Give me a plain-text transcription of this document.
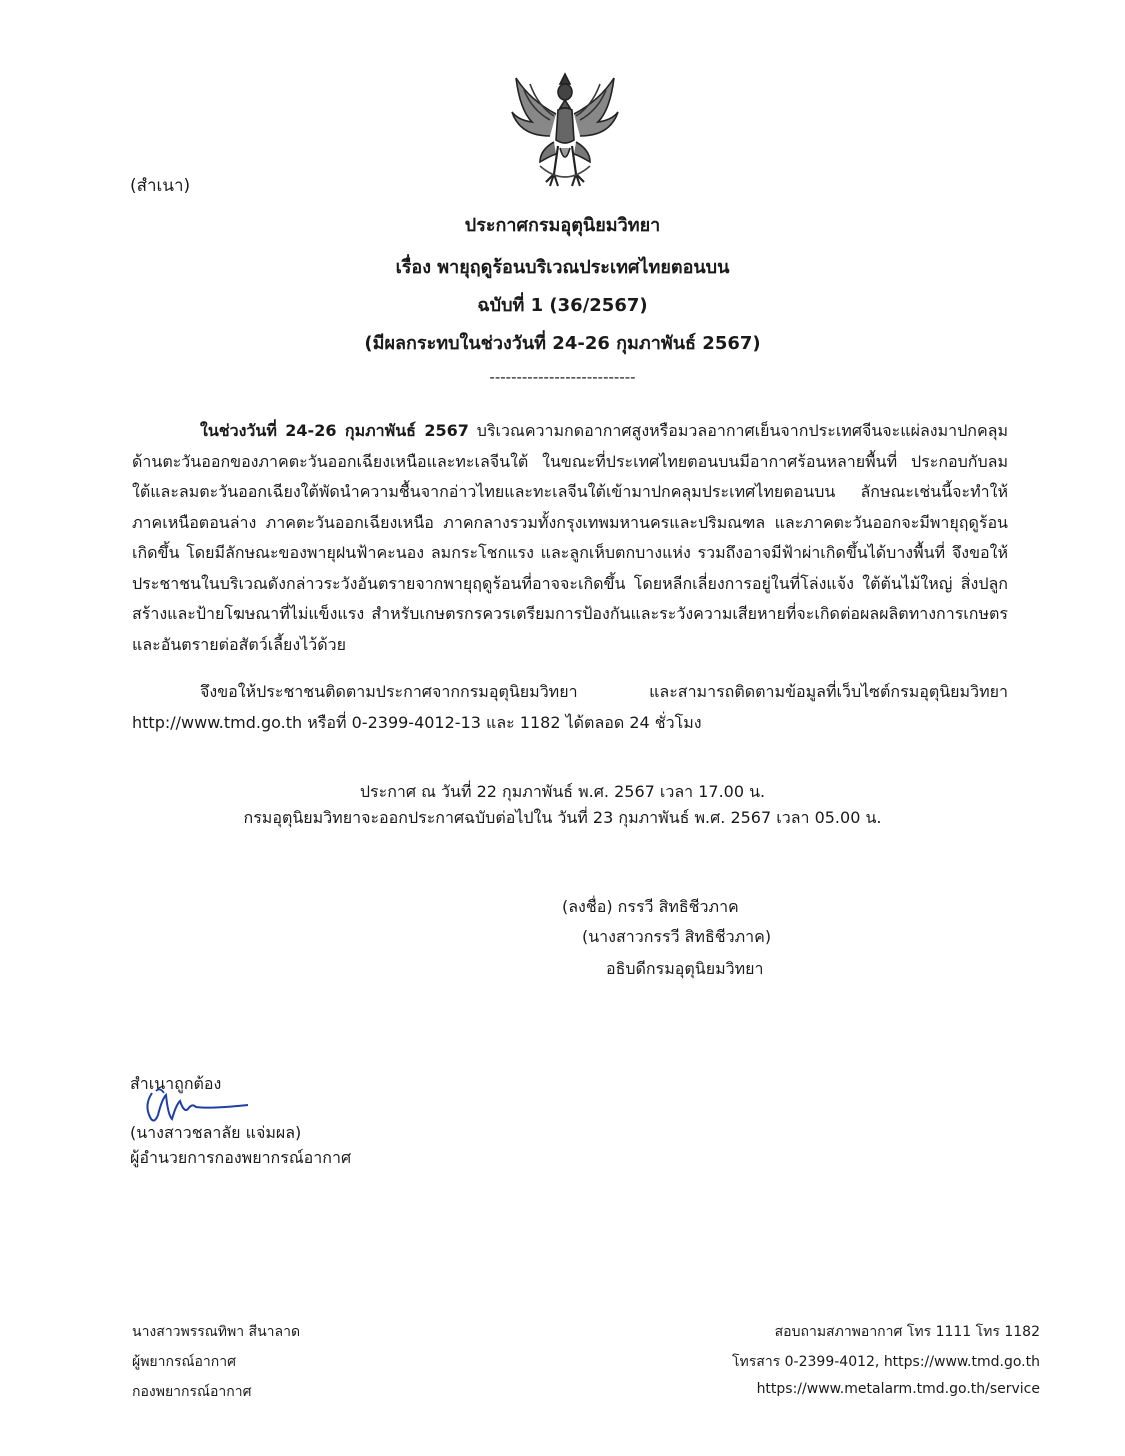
(สำเนา)
ประกาศกรมอุตุนิยมวิทยา
เรื่อง พายุฤดูร้อนบริเวณประเทศไทยตอนบน
ฉบับที่ 1 (36/2567)
(มีผลกระทบในช่วงวันที่ 24-26 กุมภาพันธ์ 2567)
---------------------------
ในช่วงวันที่ 24-26 กุมภาพันธ์ 2567 บริเวณความกดอากาศสูงหรือมวลอากาศเย็นจากประเทศจีนจะแผ่ลงมาปกคลุมด้านตะวันออกของภาคตะวันออกเฉียงเหนือและทะเลจีนใต้ ในขณะที่ประเทศไทยตอนบนมีอากาศร้อนหลายพื้นที่ ประกอบกับลมใต้และลมตะวันออกเฉียงใต้พัดนำความชื้นจากอ่าวไทยและทะเลจีนใต้เข้ามาปกคลุมประเทศไทยตอนบน ลักษณะเช่นนี้จะทำให้ภาคเหนือตอนล่าง ภาคตะวันออกเฉียงเหนือ ภาคกลางรวมทั้งกรุงเทพมหานครและปริมณฑล และภาคตะวันออกจะมีพายุฤดูร้อนเกิดขึ้น โดยมีลักษณะของพายุฝนฟ้าคะนอง ลมกระโชกแรง และลูกเห็บตกบางแห่ง รวมถึงอาจมีฟ้าผ่าเกิดขึ้นได้บางพื้นที่ จึงขอให้ประชาชนในบริเวณดังกล่าวระวังอันตรายจากพายุฤดูร้อนที่อาจจะเกิดขึ้น โดยหลีกเลี่ยงการอยู่ในที่โล่งแจ้ง ใต้ต้นไม้ใหญ่ สิ่งปลูกสร้างและป้ายโฆษณาที่ไม่แข็งแรง สำหรับเกษตรกรควรเตรียมการป้องกันและระวังความเสียหายที่จะเกิดต่อผลผลิตทางการเกษตรและอันตรายต่อสัตว์เลี้ยงไว้ด้วย
จึงขอให้ประชาชนติดตามประกาศจากกรมอุตุนิยมวิทยา และสามารถติดตามข้อมูลที่เว็บไซต์กรมอุตุนิยมวิทยา http://www.tmd.go.th หรือที่ 0-2399-4012-13 และ 1182 ได้ตลอด 24 ชั่วโมง
ประกาศ ณ วันที่ 22 กุมภาพันธ์ พ.ศ. 2567 เวลา 17.00 น.
กรมอุตุนิยมวิทยาจะออกประกาศฉบับต่อไปใน วันที่ 23 กุมภาพันธ์ พ.ศ. 2567 เวลา 05.00 น.
(ลงชื่อ) กรรวี สิทธิชีวภาค
(นางสาวกรรวี สิทธิชีวภาค)
อธิบดีกรมอุตุนิยมวิทยา
สำเนาถูกต้อง
(นางสาวชลาลัย แจ่มผล)
ผู้อำนวยการกองพยากรณ์อากาศ
นางสาวพรรณทิพา สีนาลาด
ผู้พยากรณ์อากาศ
กองพยากรณ์อากาศ
สอบถามสภาพอากาศ โทร 1111 โทร 1182
โทรสาร 0-2399-4012, https://www.tmd.go.th
https://www.metalarm.tmd.go.th/service
